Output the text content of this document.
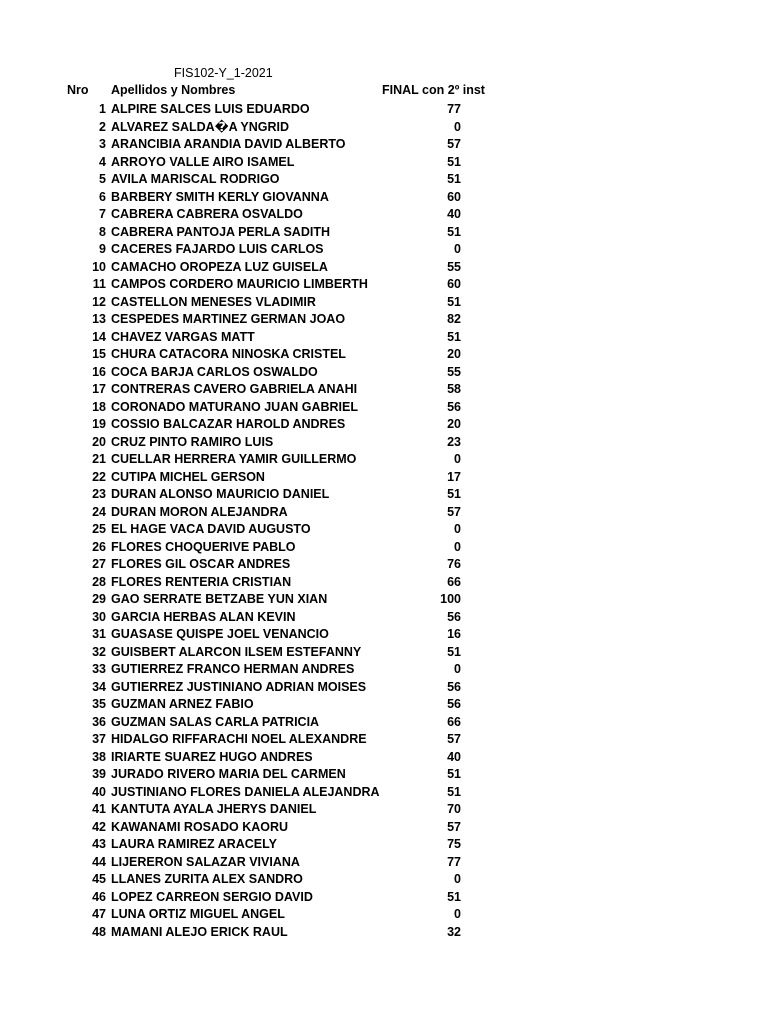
FIS102-Y_1-2021
Nro Apellidos y Nombres	FINAL con 2º inst
1 ALPIRE SALCES LUIS EDUARDO	77
2 ALVAREZ SALDA�A YNGRID	0
3 ARANCIBIA ARANDIA DAVID ALBERTO	57
4 ARROYO VALLE AIRO ISAMEL	51
5 AVILA MARISCAL RODRIGO	51
6 BARBERY SMITH KERLY GIOVANNA	60
7 CABRERA CABRERA OSVALDO	40
8 CABRERA PANTOJA PERLA SADITH	51
9 CACERES FAJARDO LUIS CARLOS	0
10 CAMACHO OROPEZA LUZ GUISELA	55
11 CAMPOS CORDERO MAURICIO LIMBERTH	60
12 CASTELLON MENESES VLADIMIR	51
13 CESPEDES MARTINEZ GERMAN JOAO	82
14 CHAVEZ VARGAS MATT	51
15 CHURA CATACORA NINOSKA CRISTEL	20
16 COCA BARJA CARLOS OSWALDO	55
17 CONTRERAS CAVERO GABRIELA ANAHI	58
18 CORONADO MATURANO JUAN GABRIEL	56
19 COSSIO BALCAZAR HAROLD ANDRES	20
20 CRUZ PINTO RAMIRO LUIS	23
21 CUELLAR HERRERA YAMIR GUILLERMO	0
22 CUTIPA MICHEL GERSON	17
23 DURAN ALONSO MAURICIO DANIEL	51
24 DURAN MORON ALEJANDRA	57
25 EL HAGE VACA DAVID AUGUSTO	0
26 FLORES CHOQUERIVE PABLO	0
27 FLORES GIL OSCAR ANDRES	76
28 FLORES RENTERIA CRISTIAN	66
29 GAO SERRATE BETZABE YUN XIAN	100
30 GARCIA HERBAS ALAN KEVIN	56
31 GUASASE QUISPE JOEL VENANCIO	16
32 GUISBERT ALARCON ILSEM ESTEFANNY	51
33 GUTIERREZ FRANCO HERMAN ANDRES	0
34 GUTIERREZ JUSTINIANO ADRIAN MOISES	56
35 GUZMAN ARNEZ FABIO	56
36 GUZMAN SALAS CARLA PATRICIA	66
37 HIDALGO RIFFARACHI NOEL ALEXANDRE	57
38 IRIARTE SUAREZ HUGO ANDRES	40
39 JURADO RIVERO MARIA DEL CARMEN	51
40 JUSTINIANO FLORES DANIELA ALEJANDRA	51
41 KANTUTA AYALA JHERYS DANIEL	70
42 KAWANAMI ROSADO KAORU	57
43 LAURA RAMIREZ ARACELY	75
44 LIJERERON SALAZAR VIVIANA	77
45 LLANES ZURITA ALEX SANDRO	0
46 LOPEZ CARREON SERGIO DAVID	51
47 LUNA ORTIZ MIGUEL ANGEL	0
48 MAMANI ALEJO ERICK RAUL	32
